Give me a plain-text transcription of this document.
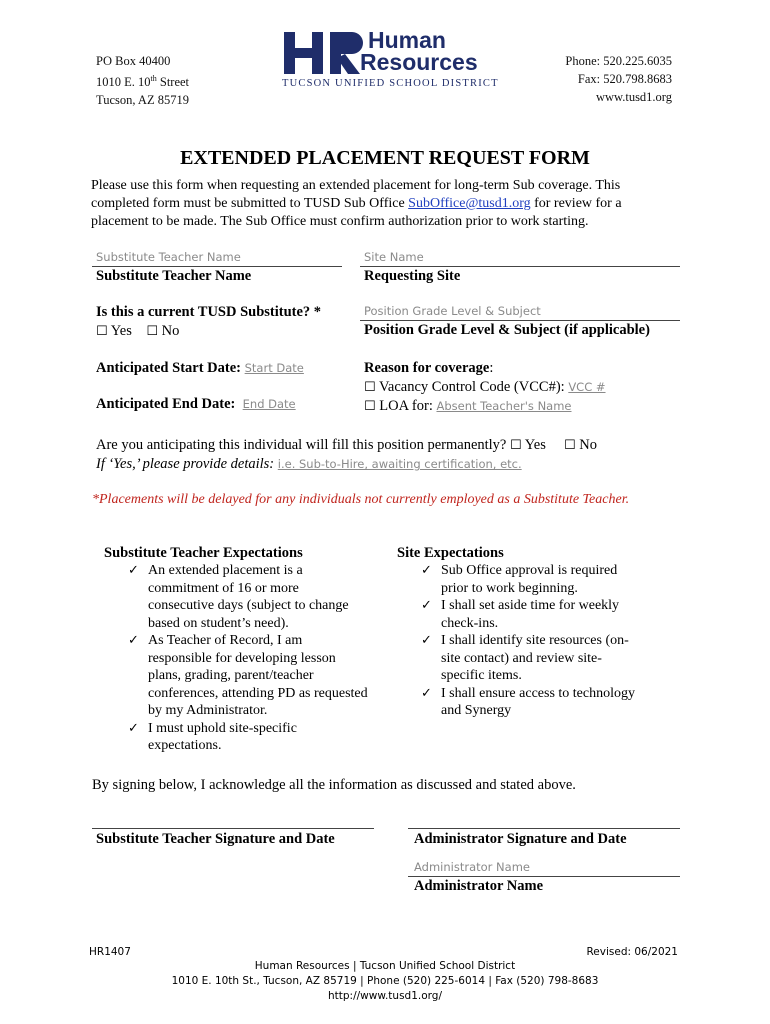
PO Box 40400
1010 E. 10th Street
Tucson, AZ 85719
Human
Resources
TUCSON UNIFIED SCHOOL DISTRICT
Phone: 520.225.6035
Fax: 520.798.8683
www.tusd1.org
EXTENDED PLACEMENT REQUEST FORM
Please use this form when requesting an extended placement for long-term Sub coverage. This completed form must be submitted to TUSD Sub Office SubOffice@tusd1.org for review for a placement to be made. The Sub Office must confirm authorization prior to work starting.
Substitute Teacher Name
Substitute Teacher Name
Site Name
Requesting Site
Is this a current TUSD Substitute? *
☐ Yes ☐ No
Position Grade Level & Subject
Position Grade Level & Subject (if applicable)
Anticipated Start Date: Start Date
Anticipated End Date: End Date
Reason for coverage:
☐ Vacancy Control Code (VCC#): VCC #
☐ LOA for: Absent Teacher's Name
Are you anticipating this individual will fill this position permanently? ☐ Yes ☐ No
If ‘Yes,’ please provide details: i.e. Sub-to-Hire, awaiting certification, etc.
*Placements will be delayed for any individuals not currently employed as a Substitute Teacher.
Substitute Teacher Expectations
✓ An extended placement is a commitment of 16 or more consecutive days (subject to change based on student’s need).
✓ As Teacher of Record, I am responsible for developing lesson plans, grading, parent/teacher conferences, attending PD as requested by my Administrator.
✓ I must uphold site-specific expectations.
Site Expectations
✓ Sub Office approval is required prior to work beginning.
✓ I shall set aside time for weekly check-ins.
✓ I shall identify site resources (on-site contact) and review site-specific items.
✓ I shall ensure access to technology and Synergy
By signing below, I acknowledge all the information as discussed and stated above.
Substitute Teacher Signature and Date	Administrator Signature and Date
Administrator Name
Administrator Name
HR1407	Revised: 06/2021
Human Resources | Tucson Unified School District
1010 E. 10th St., Tucson, AZ 85719 | Phone (520) 225-6014 | Fax (520) 798-8683
http://www.tusd1.org/
